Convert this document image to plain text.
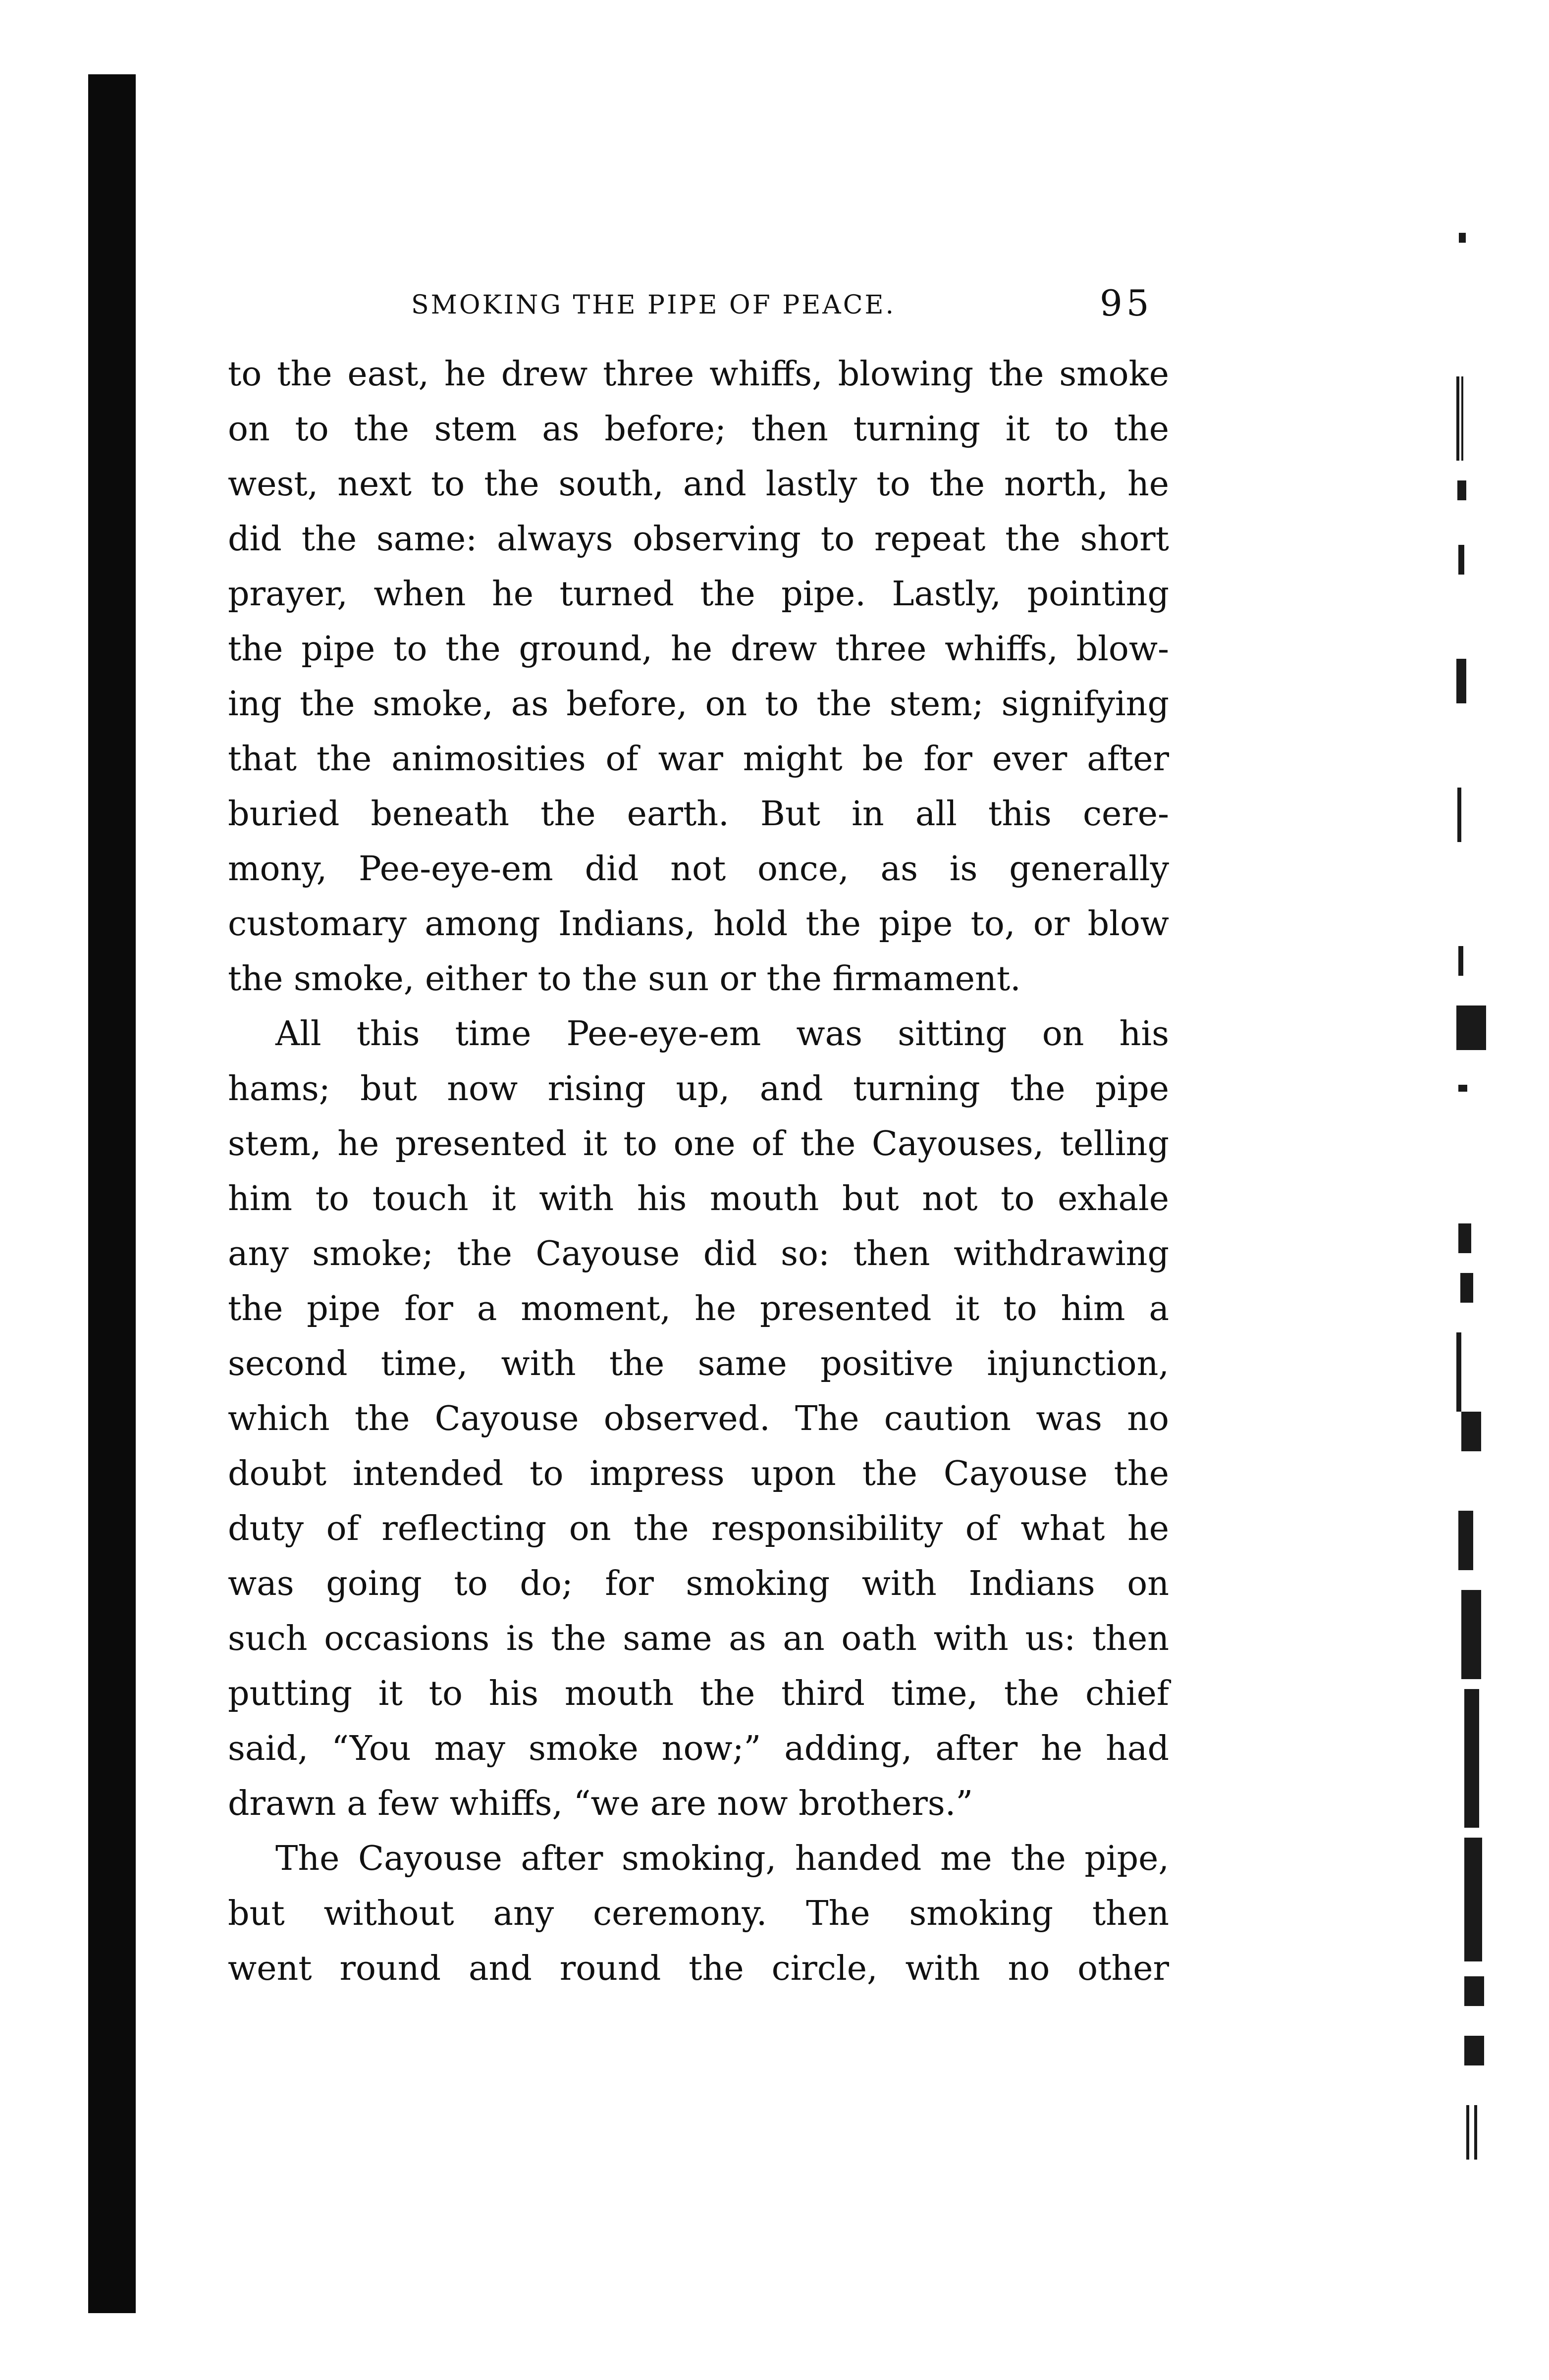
SMOKING THE PIPE OF PEACE.	95
to the east, he drew three whiffs, blowing the smoke
on to the stem as before; then turning it to the
west, next to the south, and lastly to the north, he
did the same: always observing to repeat the short
prayer, when he turned the pipe. Lastly, pointing
the pipe to the ground, he drew three whiffs, blow-
ing the smoke, as before, on to the stem; signifying
that the animosities of war might be for ever after
buried beneath the earth. But in all this cere-
mony, Pee-eye-em did not once, as is generally
customary among Indians, hold the pipe to, or blow
the smoke, either to the sun or the firmament.
All this time Pee-eye-em was sitting on his
hams; but now rising up, and turning the pipe
stem, he presented it to one of the Cayouses, telling
him to touch it with his mouth but not to exhale
any smoke; the Cayouse did so: then withdrawing
the pipe for a moment, he presented it to him a
second time, with the same positive injunction,
which the Cayouse observed. The caution was no
doubt intended to impress upon the Cayouse the
duty of reflecting on the responsibility of what he
was going to do; for smoking with Indians on
such occasions is the same as an oath with us: then
putting it to his mouth the third time, the chief
said, “You may smoke now;” adding, after he had
drawn a few whiffs, “we are now brothers.”
The Cayouse after smoking, handed me the pipe,
but without any ceremony. The smoking then
went round and round the circle, with no other
